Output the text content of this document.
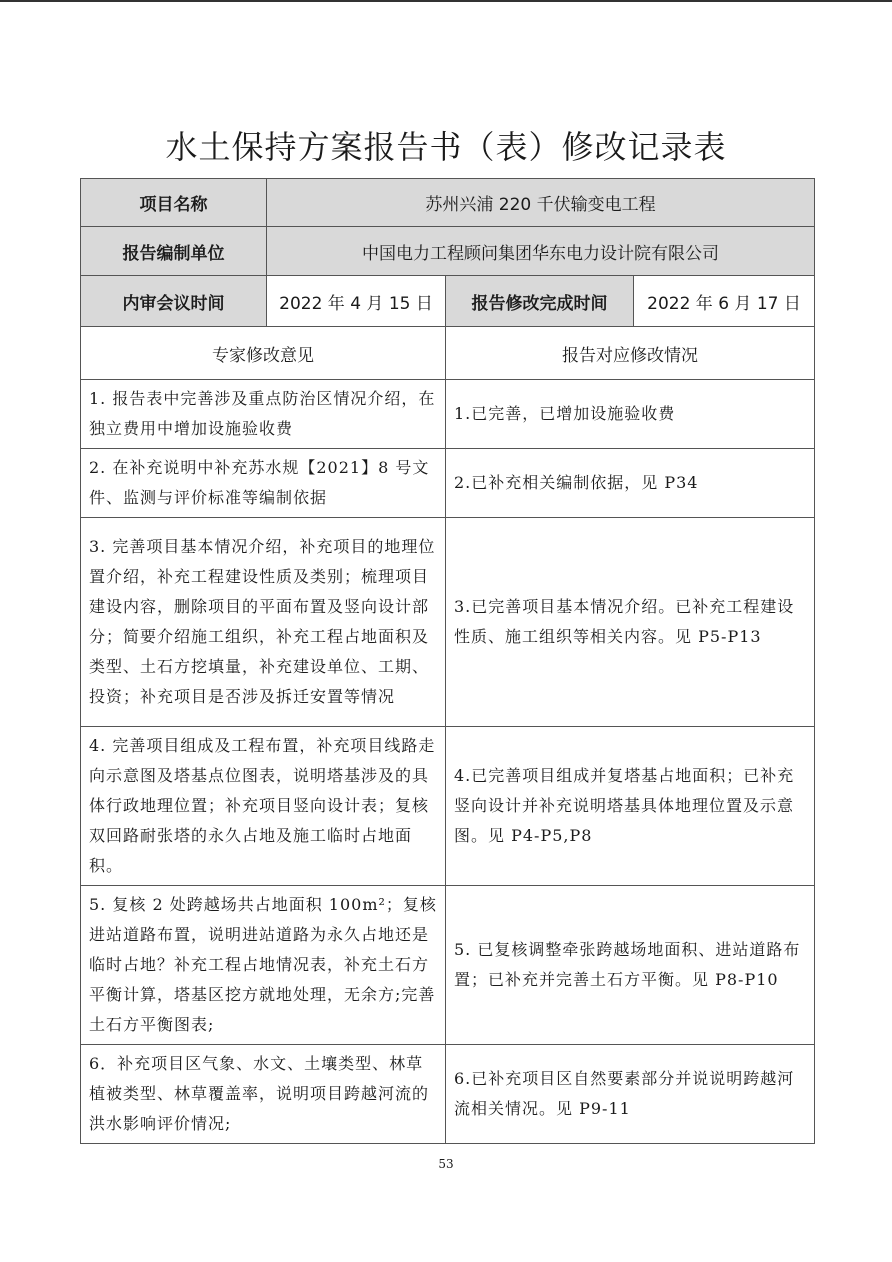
水土保持方案报告书（表）修改记录表
项目名称	苏州兴浦 220 千伏输变电工程		
报告编制单位	中国电力工程顾问集团华东电力设计院有限公司		
内审会议时间	2022 年 4 月 15 日	报告修改完成时间	2022 年 6 月 17 日
专家修改意见		报告对应修改情况	
1. 报告表中完善涉及重点防治区情况介绍，在独立费用中增加设施验收费		1.已完善，已增加设施验收费	
2. 在补充说明中补充苏水规【2021】8 号文件、监测与评价标准等编制依据		2.已补充相关编制依据，见 P34	
3. 完善项目基本情况介绍，补充项目的地理位置介绍，补充工程建设性质及类别；梳理项目建设内容，删除项目的平面布置及竖向设计部分；简要介绍施工组织，补充工程占地面积及类型、土石方挖填量，补充建设单位、工期、投资；补充项目是否涉及拆迁安置等情况		3.已完善项目基本情况介绍。已补充工程建设性质、施工组织等相关内容。见 P5-P13	
4. 完善项目组成及工程布置，补充项目线路走向示意图及塔基点位图表，说明塔基涉及的具体行政地理位置；补充项目竖向设计表；复核双回路耐张塔的永久占地及施工临时占地面积。		4.已完善项目组成并复塔基占地面积；已补充竖向设计并补充说明塔基具体地理位置及示意图。见 P4-P5,P8	
5. 复核 2 处跨越场共占地面积 100m²；复核进站道路布置，说明进站道路为永久占地还是临时占地？补充工程占地情况表，补充土石方平衡计算，塔基区挖方就地处理，无余方;完善土石方平衡图表;		5. 已复核调整牵张跨越场地面积、进站道路布置；已补充并完善土石方平衡。见 P8-P10	
6．补充项目区气象、水文、土壤类型、林草植被类型、林草覆盖率，说明项目跨越河流的洪水影响评价情况;		6.已补充项目区自然要素部分并说说明跨越河流相关情况。见 P9-11	
53
